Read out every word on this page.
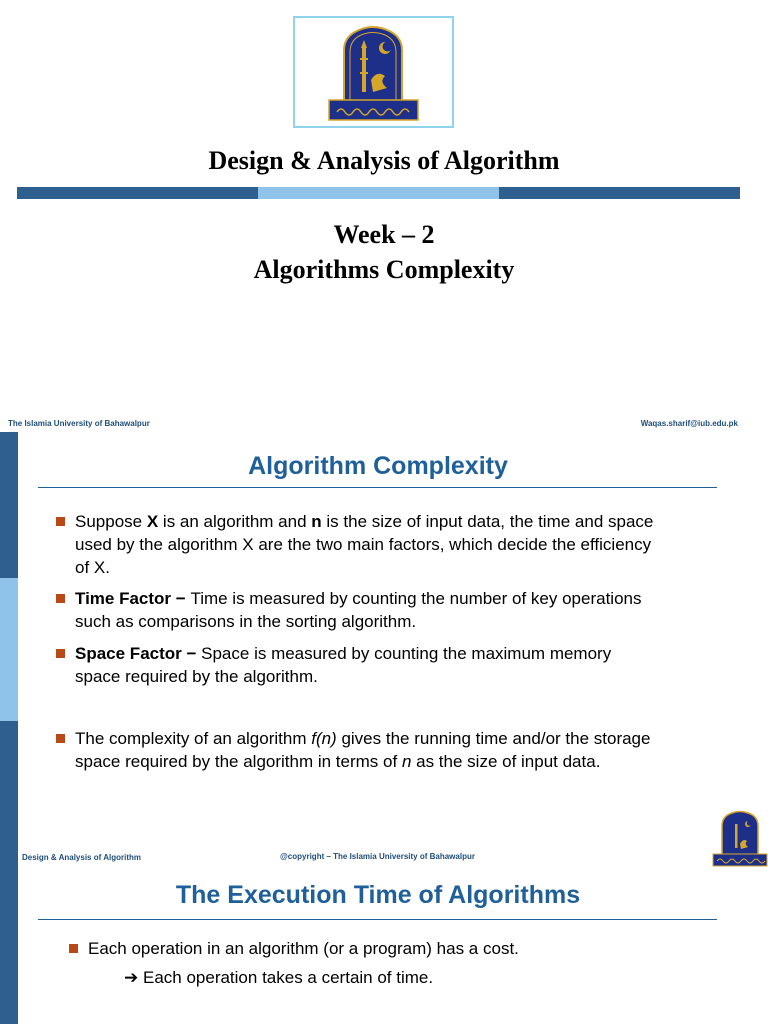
Design & Analysis of Algorithm
Week – 2
Algorithms Complexity
The Islamia University of Bahawalpur	Waqas.sharif@iub.edu.pk
Algorithm Complexity
Suppose X is an algorithm and n is the size of input data, the time and space used by the algorithm X are the two main factors, which decide the efficiency of X.
Time Factor − Time is measured by counting the number of key operations such as comparisons in the sorting algorithm.
Space Factor − Space is measured by counting the maximum memory space required by the algorithm.
The complexity of an algorithm f(n) gives the running time and/or the storage space required by the algorithm in terms of n as the size of input data.
Design & Analysis of Algorithm	@copyright – The Islamia University of Bahawalpur
The Execution Time of Algorithms
Each operation in an algorithm (or a program) has a cost.
➔ Each operation takes a certain of time.
